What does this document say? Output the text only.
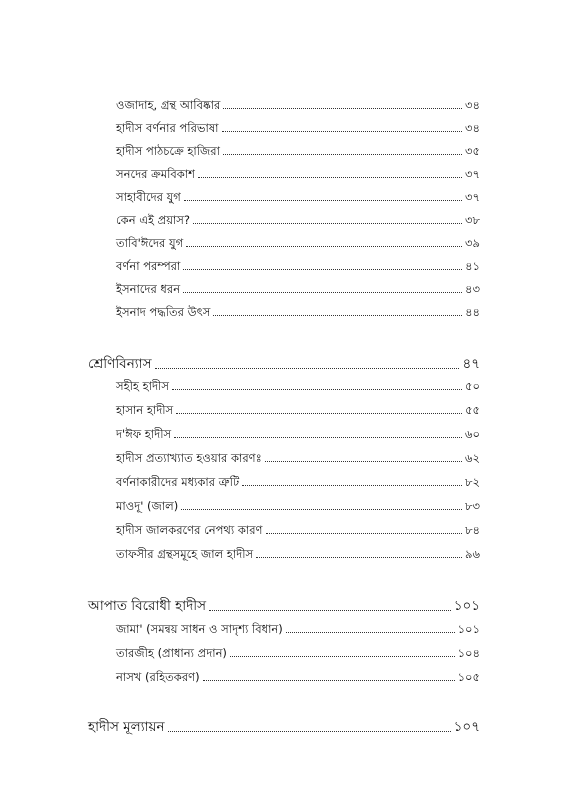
ওজাদাহ, গ্রন্থ আবিষ্কার	৩৪
হাদীস বর্ণনার পরিভাষা	৩৪
হাদীস পাঠচক্রে হাজিরা	৩৫
সনদের ক্রমবিকাশ	৩৭
সাহাবীদের যুগ	৩৭
কেন এই প্রয়াস?	৩৮
তাবি'ঈদের যুগ	৩৯
বর্ণনা পরম্পরা	৪১
ইসনাদের ধরন	৪৩
ইসনাদ পদ্ধতির উৎস	৪৪
শ্রেণিবিন্যাস	৪৭
সহীহ হাদীস	৫০
হাসান হাদীস	৫৫
দ'ঈফ হাদীস	৬০
হাদীস প্রত্যাখ্যাত হওয়ার কারণঃ	৬২
বর্ণনাকারীদের মধ্যকার ত্রুটি	৮২
মাওদূ' (জাল)	৮৩
হাদীস জালকরণের নেপথ্য কারণ	৮৪
তাফসীর গ্রন্থসমূহে জাল হাদীস	৯৬
আপাত বিরোধী হাদীস	১০১
জামা' (সমন্বয় সাধন ও সাদৃশ্য বিধান)	১০১
তারজীহ (প্রাধান্য প্রদান)	১০৪
নাসখ (রহিতকরণ)	১০৫
হাদীস মূল্যায়ন	১০৭
